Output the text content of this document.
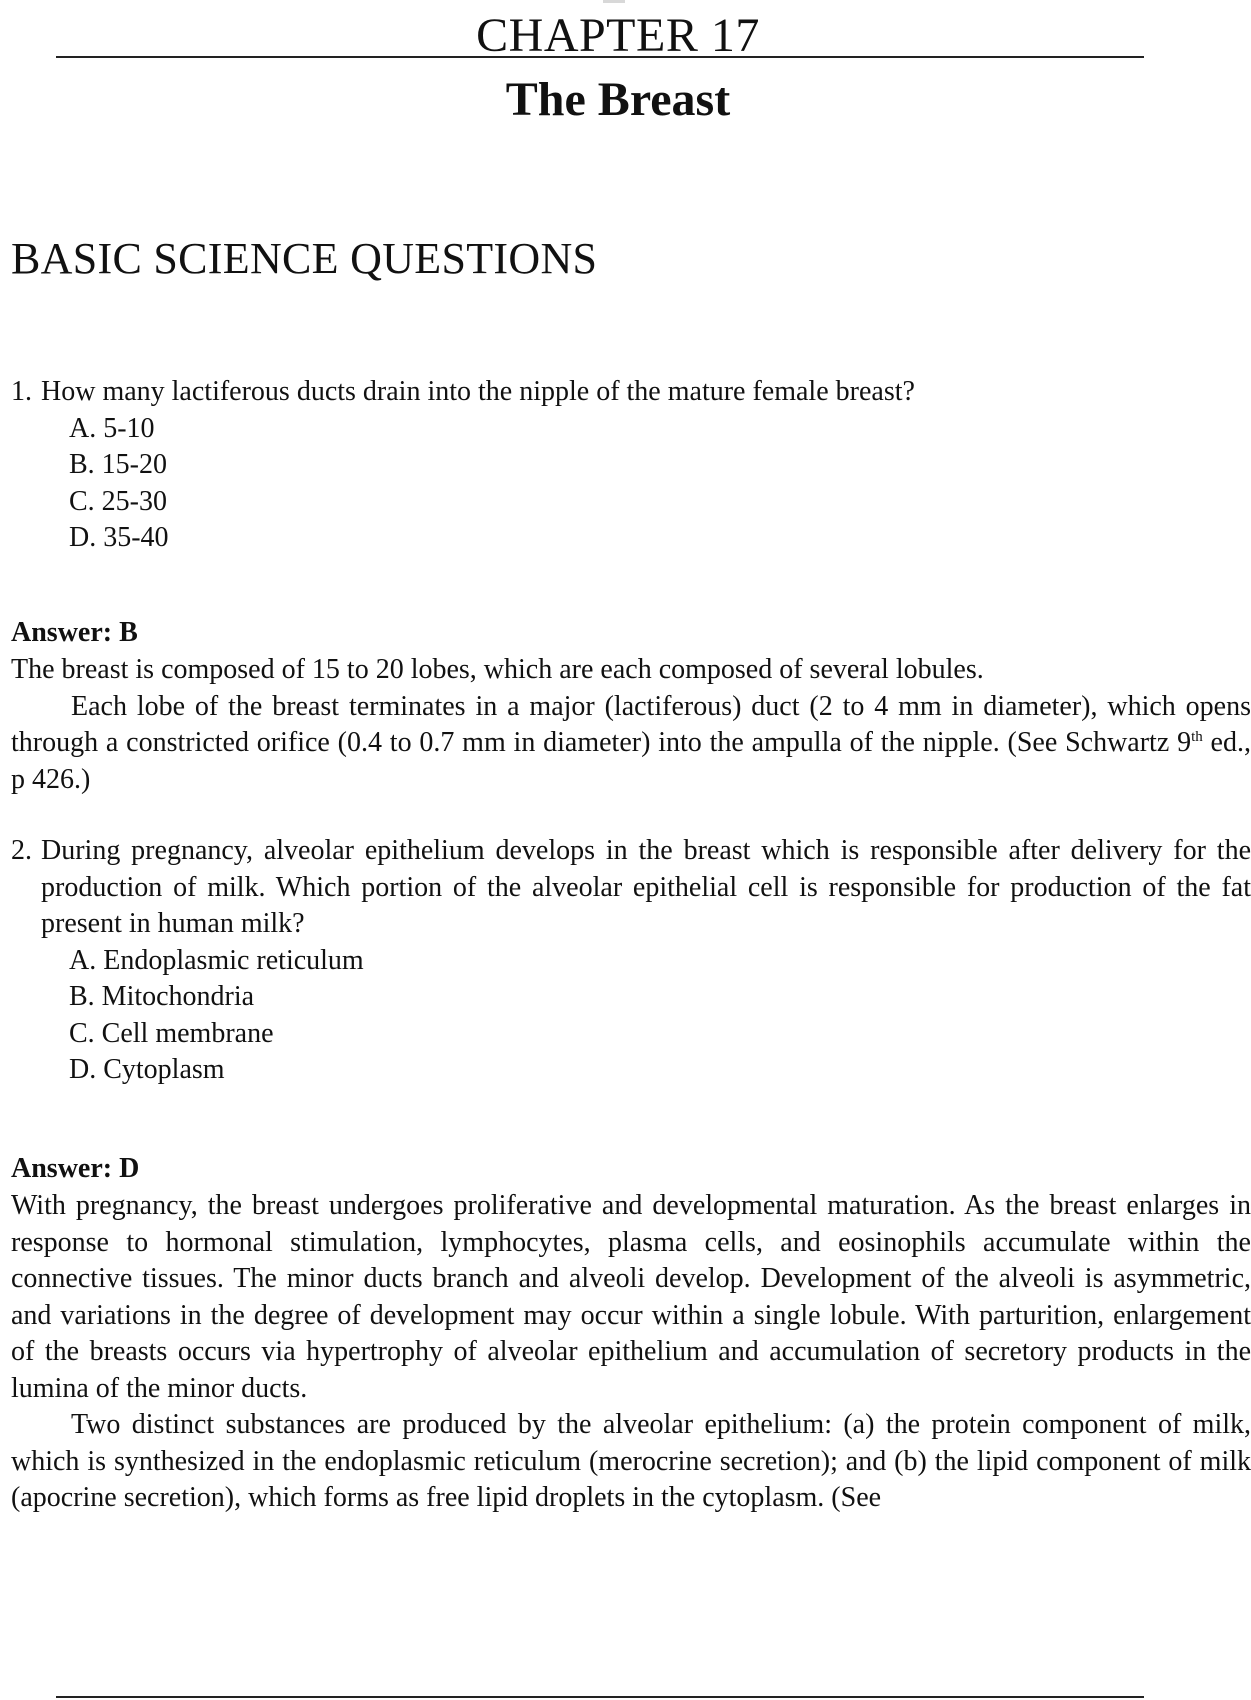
CHAPTER 17
The Breast
BASIC SCIENCE QUESTIONS
1. How many lactiferous ducts drain into the nipple of the mature female breast?
A. 5-10
B. 15-20
C. 25-30
D. 35-40
Answer: B
The breast is composed of 15 to 20 lobes, which are each composed of several lobules.
Each lobe of the breast terminates in a major (lactiferous) duct (2 to 4 mm in diameter), which opens through a constricted orifice (0.4 to 0.7 mm in diameter) into the ampulla of the nipple. (See Schwartz 9th ed., p 426.)
2. During pregnancy, alveolar epithelium develops in the breast which is responsible after delivery for the production of milk. Which portion of the alveolar epithelial cell is responsible for production of the fat present in human milk?
A. Endoplasmic reticulum
B. Mitochondria
C. Cell membrane
D. Cytoplasm
Answer: D
With pregnancy, the breast undergoes proliferative and developmental maturation. As the breast enlarges in response to hormonal stimulation, lymphocytes, plasma cells, and eosinophils accumulate within the connective tissues. The minor ducts branch and alveoli develop. Development of the alveoli is asymmetric, and variations in the degree of development may occur within a single lobule. With parturition, enlargement of the breasts occurs via hypertrophy of alveolar epithelium and accumulation of secretory products in the lumina of the minor ducts.
Two distinct substances are produced by the alveolar epithelium: (a) the protein component of milk, which is synthesized in the endoplasmic reticulum (merocrine secretion); and (b) the lipid component of milk (apocrine secretion), which forms as free lipid droplets in the cytoplasm. (See
